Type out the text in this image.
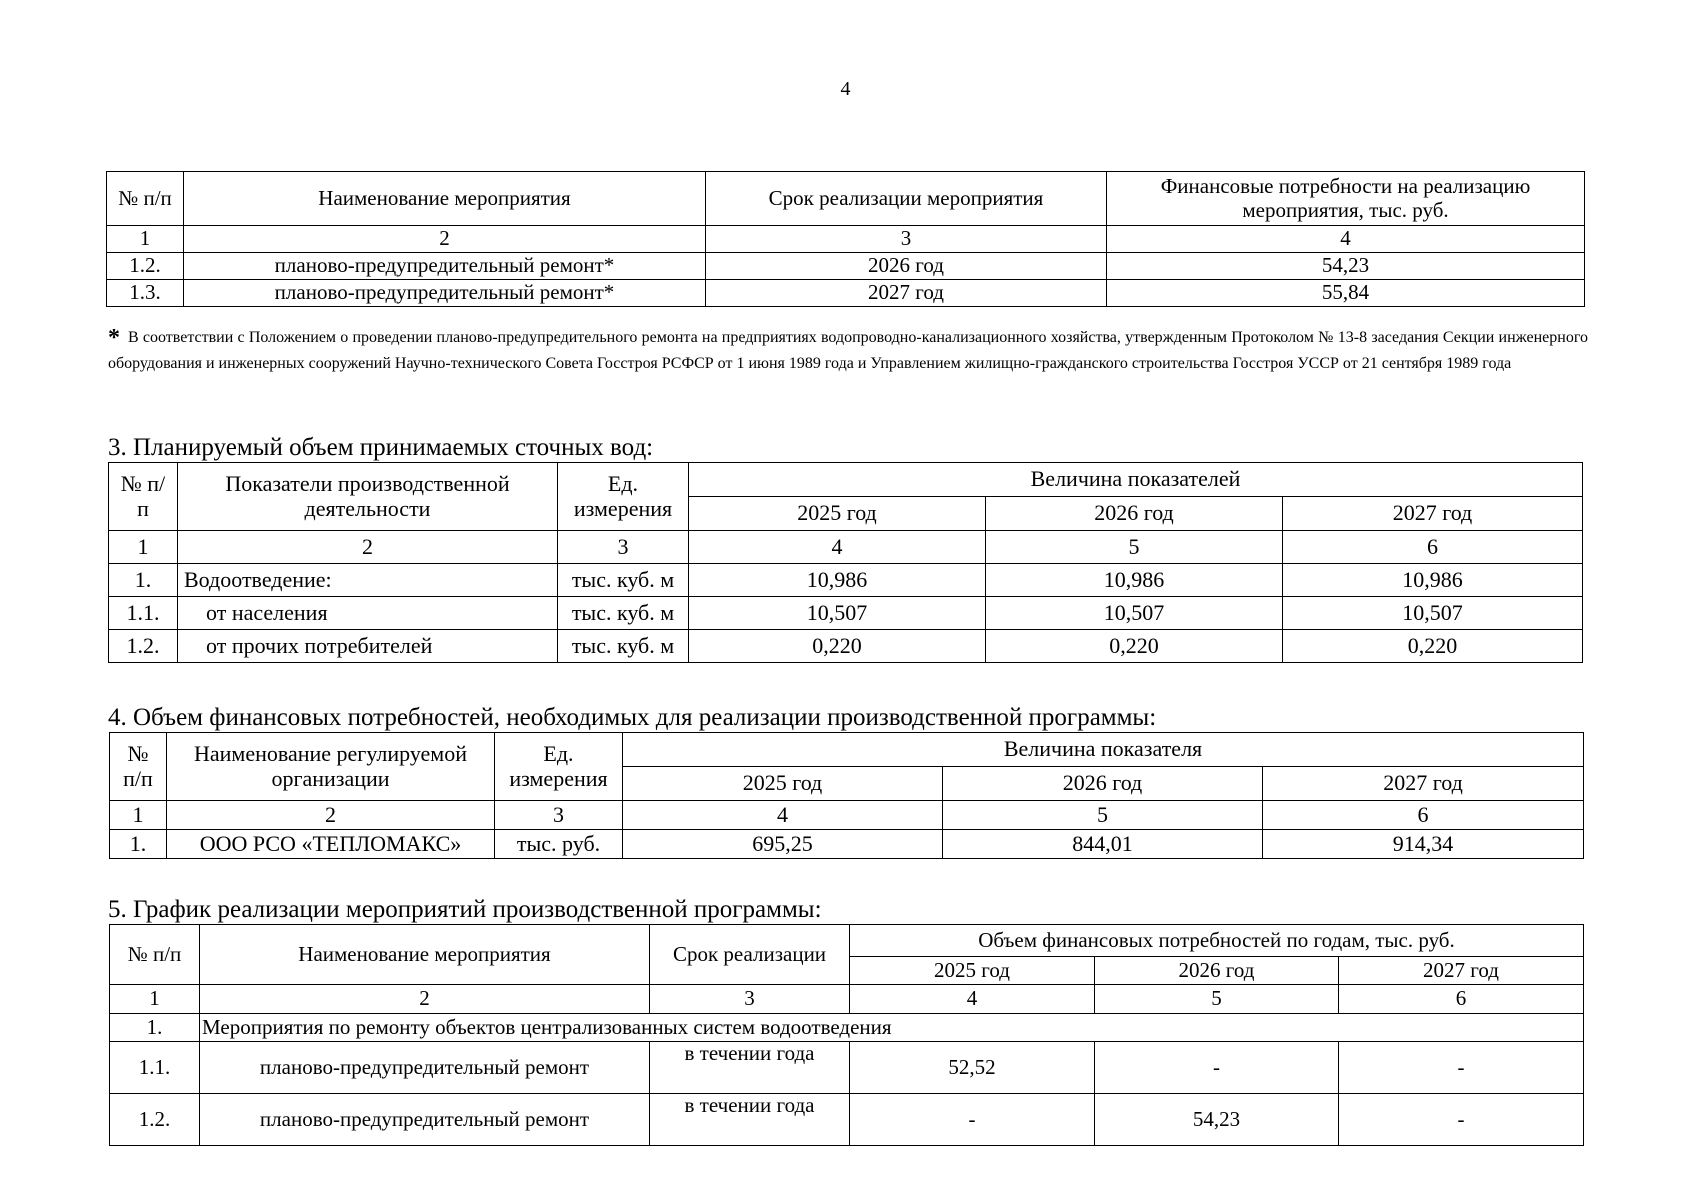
4
№ п/п	Наименование мероприятия	Срок реализации мероприятия	Финансовые потребности на реализацию мероприятия, тыс. руб.
1	2	3	4
1.2.	планово-предупредительный ремонт*	2026 год	54,23
1.3.	планово-предупредительный ремонт*	2027 год	55,84
* В соответствии с Положением о проведении планово-предупредительного ремонта на предприятиях водопроводно-канализационного хозяйства, утвержденным Протоколом № 13-8 заседания Секции инженерного оборудования и инженерных сооружений Научно-технического Совета Госстроя РСФСР от 1 июня 1989 года и Управлением жилищно-гражданского строительства Госстроя УССР от 21 сентября 1989 года
3. Планируемый объем принимаемых сточных вод:
№ п/п	Показатели производственной деятельности	Ед. измерения	Величина показателей		
			2025 год	2026 год	2027 год
1	2	3	4	5	6
1.	Водоотведение:	тыс. куб. м	10,986	10,986	10,986
1.1.	от населения	тыс. куб. м	10,507	10,507	10,507
1.2.	от прочих потребителей	тыс. куб. м	0,220	0,220	0,220
4. Объем финансовых потребностей, необходимых для реализации производственной программы:
№ п/п	Наименование регулируемой организации	Ед. измерения	Величина показателя		
			2025 год	2026 год	2027 год
1	2	3	4	5	6
1.	ООО РСО «ТЕПЛОМАКС»	тыс. руб.	695,25	844,01	914,34
5. График реализации мероприятий производственной программы:
№ п/п	Наименование мероприятия	Срок реализации	Объем финансовых потребностей по годам, тыс. руб.		
			2025 год	2026 год	2027 год
1	2	3	4	5	6
1.	Мероприятия по ремонту объектов централизованных систем водоотведения				
1.1.	планово-предупредительный ремонт	в течении года	52,52	-	-
1.2.	планово-предупредительный ремонт	в течении года	-	54,23	-
